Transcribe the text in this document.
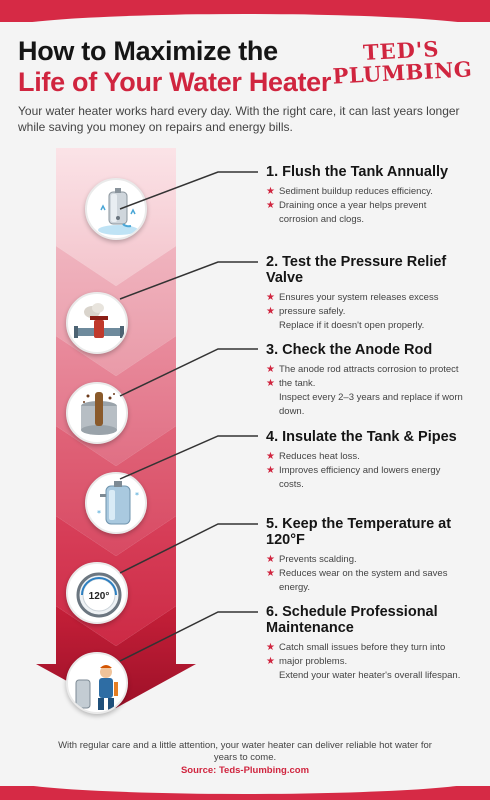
How to Maximize the
Life of Your Water Heater
TED'S
PLUMBING

Your water heater works hard every day. With the right care, it can last years longer while saving you money on repairs and energy bills.

*
*
120°
1. Flush the Tank Annually
★ Sediment buildup reduces efficiency.
★ Draining once a year helps prevent
corrosion and clogs.
2. Test the Pressure Relief Valve
★ Ensures your system releases excess
★ pressure safely.
Replace if it doesn't open properly.
3. Check the Anode Rod
★ The anode rod attracts corrosion to protect
★ the tank.
Inspect every 2–3 years and replace if worn
down.
4. Insulate the Tank & Pipes
★ Reduces heat loss.
★ Improves efficiency and lowers energy
costs.
5. Keep the Temperature at 120°F
★ Prevents scalding.
★ Reduces wear on the system and saves
energy.
6. Schedule Professional Maintenance
★ Catch small issues before they turn into
★ major problems.
Extend your water heater's overall lifespan.

With regular care and a little attention, your water heater can deliver reliable hot water for years to come.

Source: Teds-Plumbing.com
